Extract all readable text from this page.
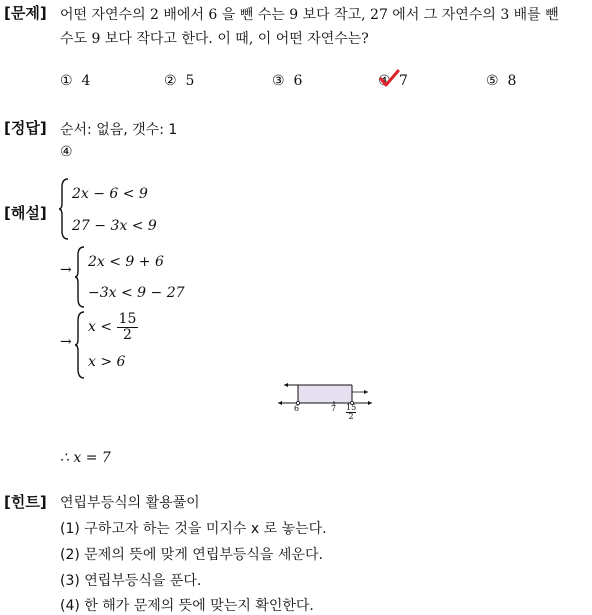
[문제] 어떤 자연수의 2 배에서 6 을 뺀 수는 9 보다 작고, 27 에서 그 자연수의 3 배를 뺀
수도 9 보다 작다고 한다. 이 때, 이 어떤 자연수는?
① 4	② 5	③ 6	④ 7	⑤ 8
[정답] 순서: 없음, 갯수: 1
④
[해설]
2x − 6 < 9
27 − 3x < 9
→ 2x < 9 + 6
−3x < 9 − 27
→
$x < \frac{15}{2}$
x > 6
6	$7 \frac{15}{2}$
∴ x = 7
[힌트] 연립부등식의 활용풀이
(1) 구하고자 하는 것을 미지수 x 로 놓는다.
(2) 문제의 뜻에 맞게 연립부등식을 세운다.
(3) 연립부등식을 푼다.
(4) 한 해가 문제의 뜻에 맞는지 확인한다.
